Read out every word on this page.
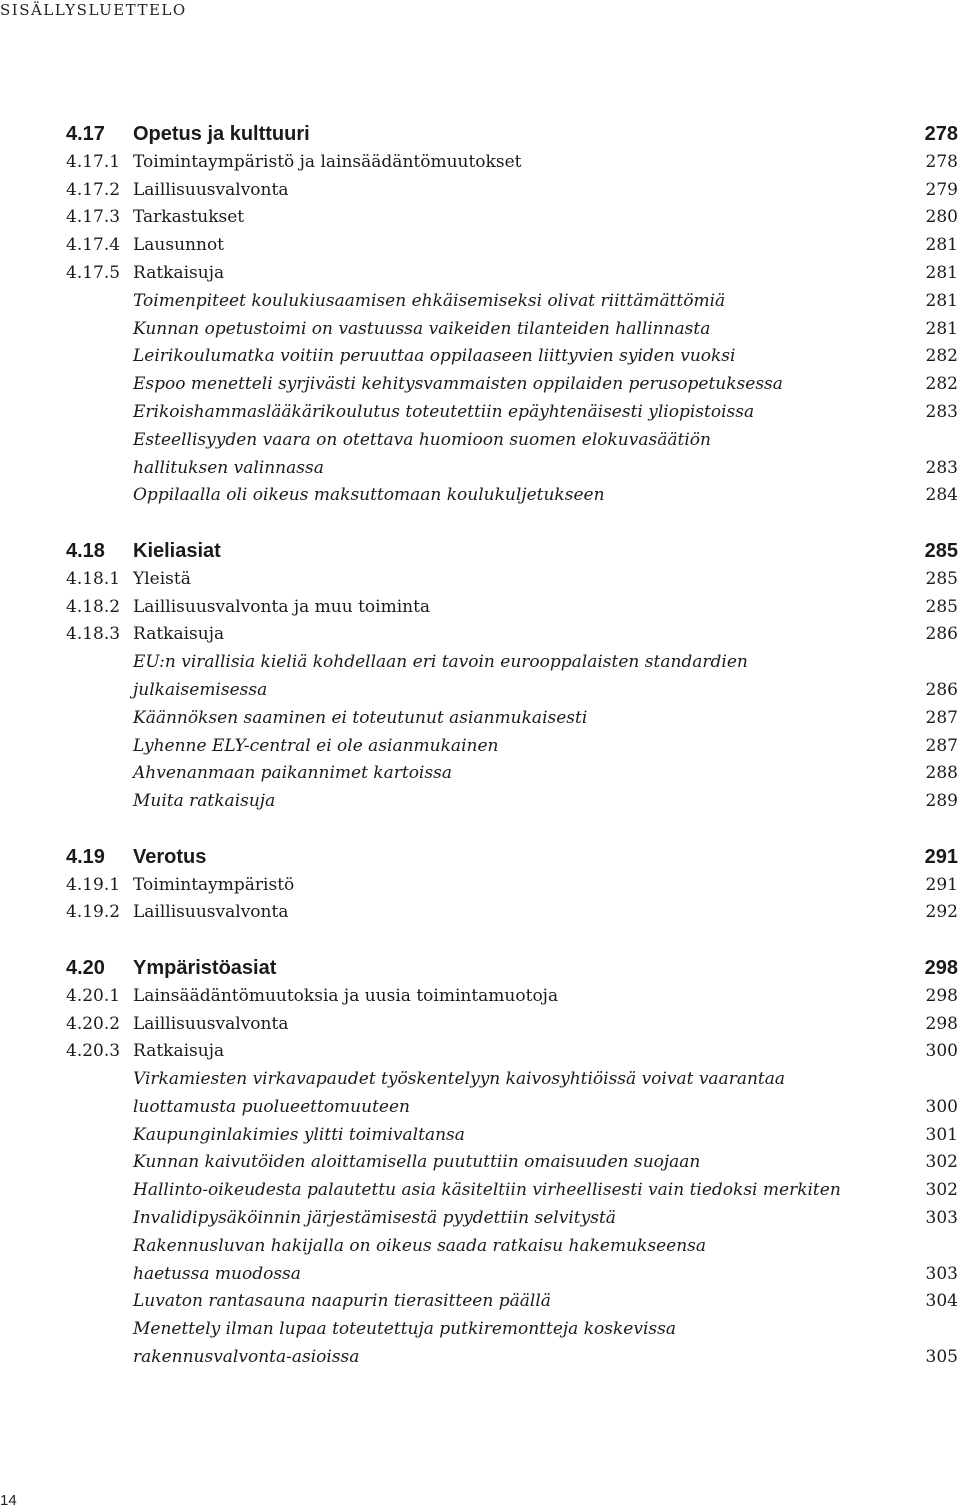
SISÄLLYSLUETTELO
4.17 Opetus ja kulttuuri	278
4.17.1 Toimintaympäristö ja lainsäädäntömuutokset	278
4.17.2 Laillisuusvalvonta	279
4.17.3 Tarkastukset	280
4.17.4 Lausunnot	281
4.17.5 Ratkaisuja	281
Toimenpiteet koulukiusaamisen ehkäisemiseksi olivat riittämättömiä	281
Kunnan opetustoimi on vastuussa vaikeiden tilanteiden hallinnasta	281
Leirikoulumatka voitiin peruuttaa oppilaaseen liittyvien syiden vuoksi	282
Espoo menetteli syrjivästi kehitysvammaisten oppilaiden perusopetuksessa	282
Erikoishammaslääkärikoulutus toteutettiin epäyhtenäisesti yliopistoissa	283
Esteellisyyden vaara on otettava huomioon suomen elokuvasäätiön
hallituksen valinnassa	283
Oppilaalla oli oikeus maksuttomaan koulukuljetukseen	284
4.18 Kieliasiat	285
4.18.1 Yleistä	285
4.18.2 Laillisuusvalvonta ja muu toiminta	285
4.18.3 Ratkaisuja	286
EU:n virallisia kieliä kohdellaan eri tavoin eurooppalaisten standardien
julkaisemisessa	286
Käännöksen saaminen ei toteutunut asianmukaisesti	287
Lyhenne ELY-central ei ole asianmukainen	287
Ahvenanmaan paikannimet kartoissa	288
Muita ratkaisuja	289
4.19 Verotus	291
4.19.1 Toimintaympäristö	291
4.19.2 Laillisuusvalvonta	292
4.20 Ympäristöasiat	298
4.20.1 Lainsäädäntömuutoksia ja uusia toimintamuotoja	298
4.20.2 Laillisuusvalvonta	298
4.20.3 Ratkaisuja	300
Virkamiesten virkavapaudet työskentelyyn kaivosyhtiöissä voivat vaarantaa
luottamusta puolueettomuuteen	300
Kaupunginlakimies ylitti toimivaltansa	301
Kunnan kaivutöiden aloittamisella puututtiin omaisuuden suojaan	302
Hallinto-oikeudesta palautettu asia käsiteltiin virheellisesti vain tiedoksi merkiten	302
Invalidipysäköinnin järjestämisestä pyydettiin selvitystä	303
Rakennusluvan hakijalla on oikeus saada ratkaisu hakemukseensa
haetussa muodossa	303
Luvaton rantasauna naapurin tierasitteen päällä	304
Menettely ilman lupaa toteutettuja putkiremontteja koskevissa
rakennusvalvonta-asioissa	305
14
